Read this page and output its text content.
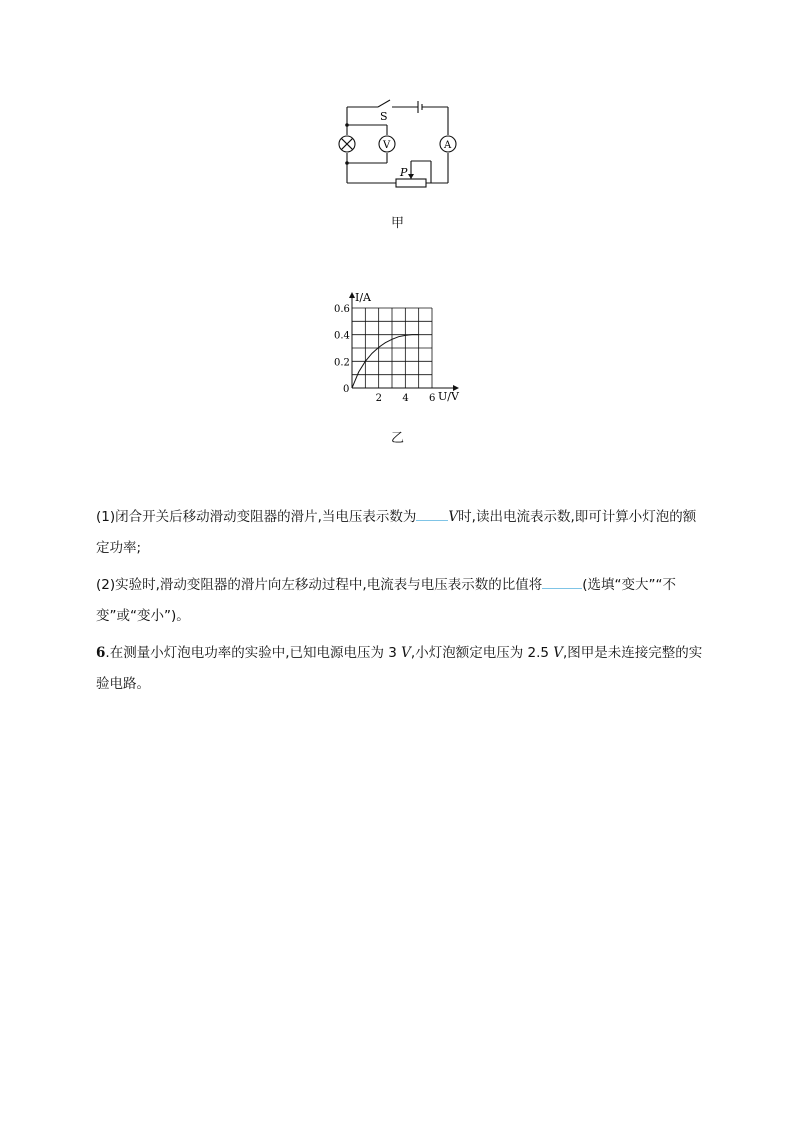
S
V	A
P
甲
2 4 6
0.2
0.4
0.6
I/A
U/V
0
乙
(1)闭合开关后移动滑动变阻器的滑片,当电压表示数为 V时,读出电流表示数,即可计算小灯泡的额定功率;
(2)实验时,滑动变阻器的滑片向左移动过程中,电流表与电压表示数的比值将	(选填“变大”“不变”或“变小”)。
6.在测量小灯泡电功率的实验中,已知电源电压为 3 V,小灯泡额定电压为 2.5 V,图甲是未连接完整的实验电路。
